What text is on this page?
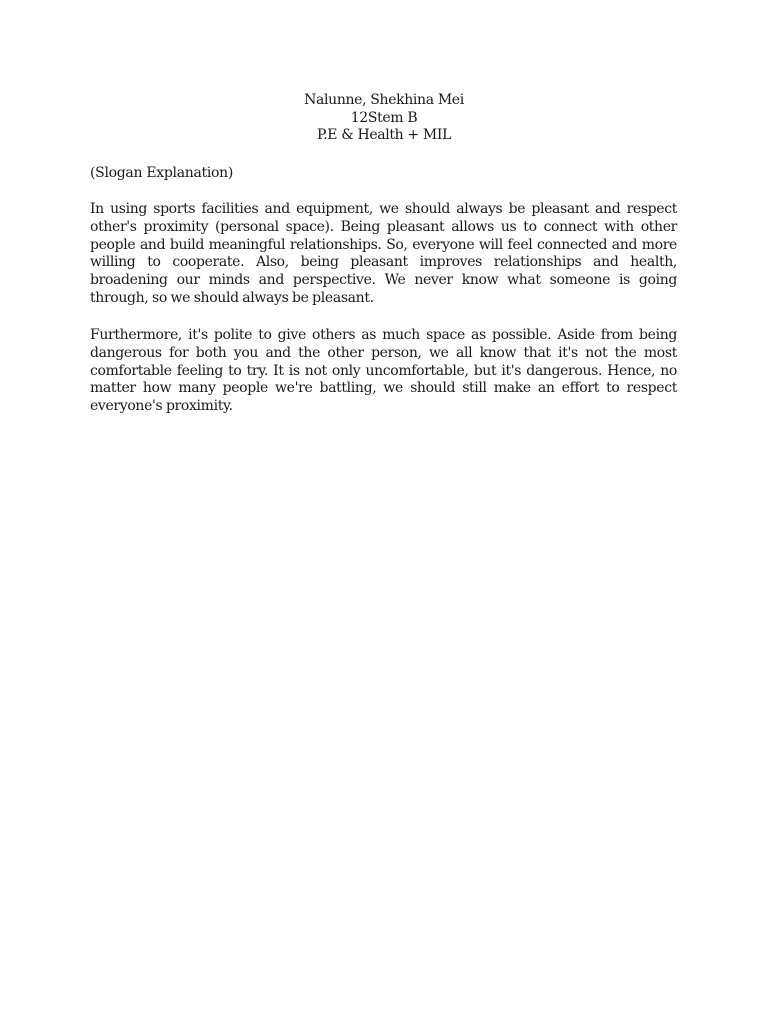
Nalunne, Shekhina Mei
12Stem B
P.E & Health + MIL
(Slogan Explanation)

In using sports facilities and equipment, we should always be pleasant and respect other's proximity (personal space). Being pleasant allows us to connect with other people and build meaningful relationships. So, everyone will feel connected and more willing to cooperate. Also, being pleasant improves relationships and health, broadening our minds and perspective. We never know what someone is going through, so we should always be pleasant.

Furthermore, it's polite to give others as much space as possible. Aside from being dangerous for both you and the other person, we all know that it's not the most comfortable feeling to try. It is not only uncomfortable, but it's dangerous. Hence, no matter how many people we're battling, we should still make an effort to respect everyone's proximity.
